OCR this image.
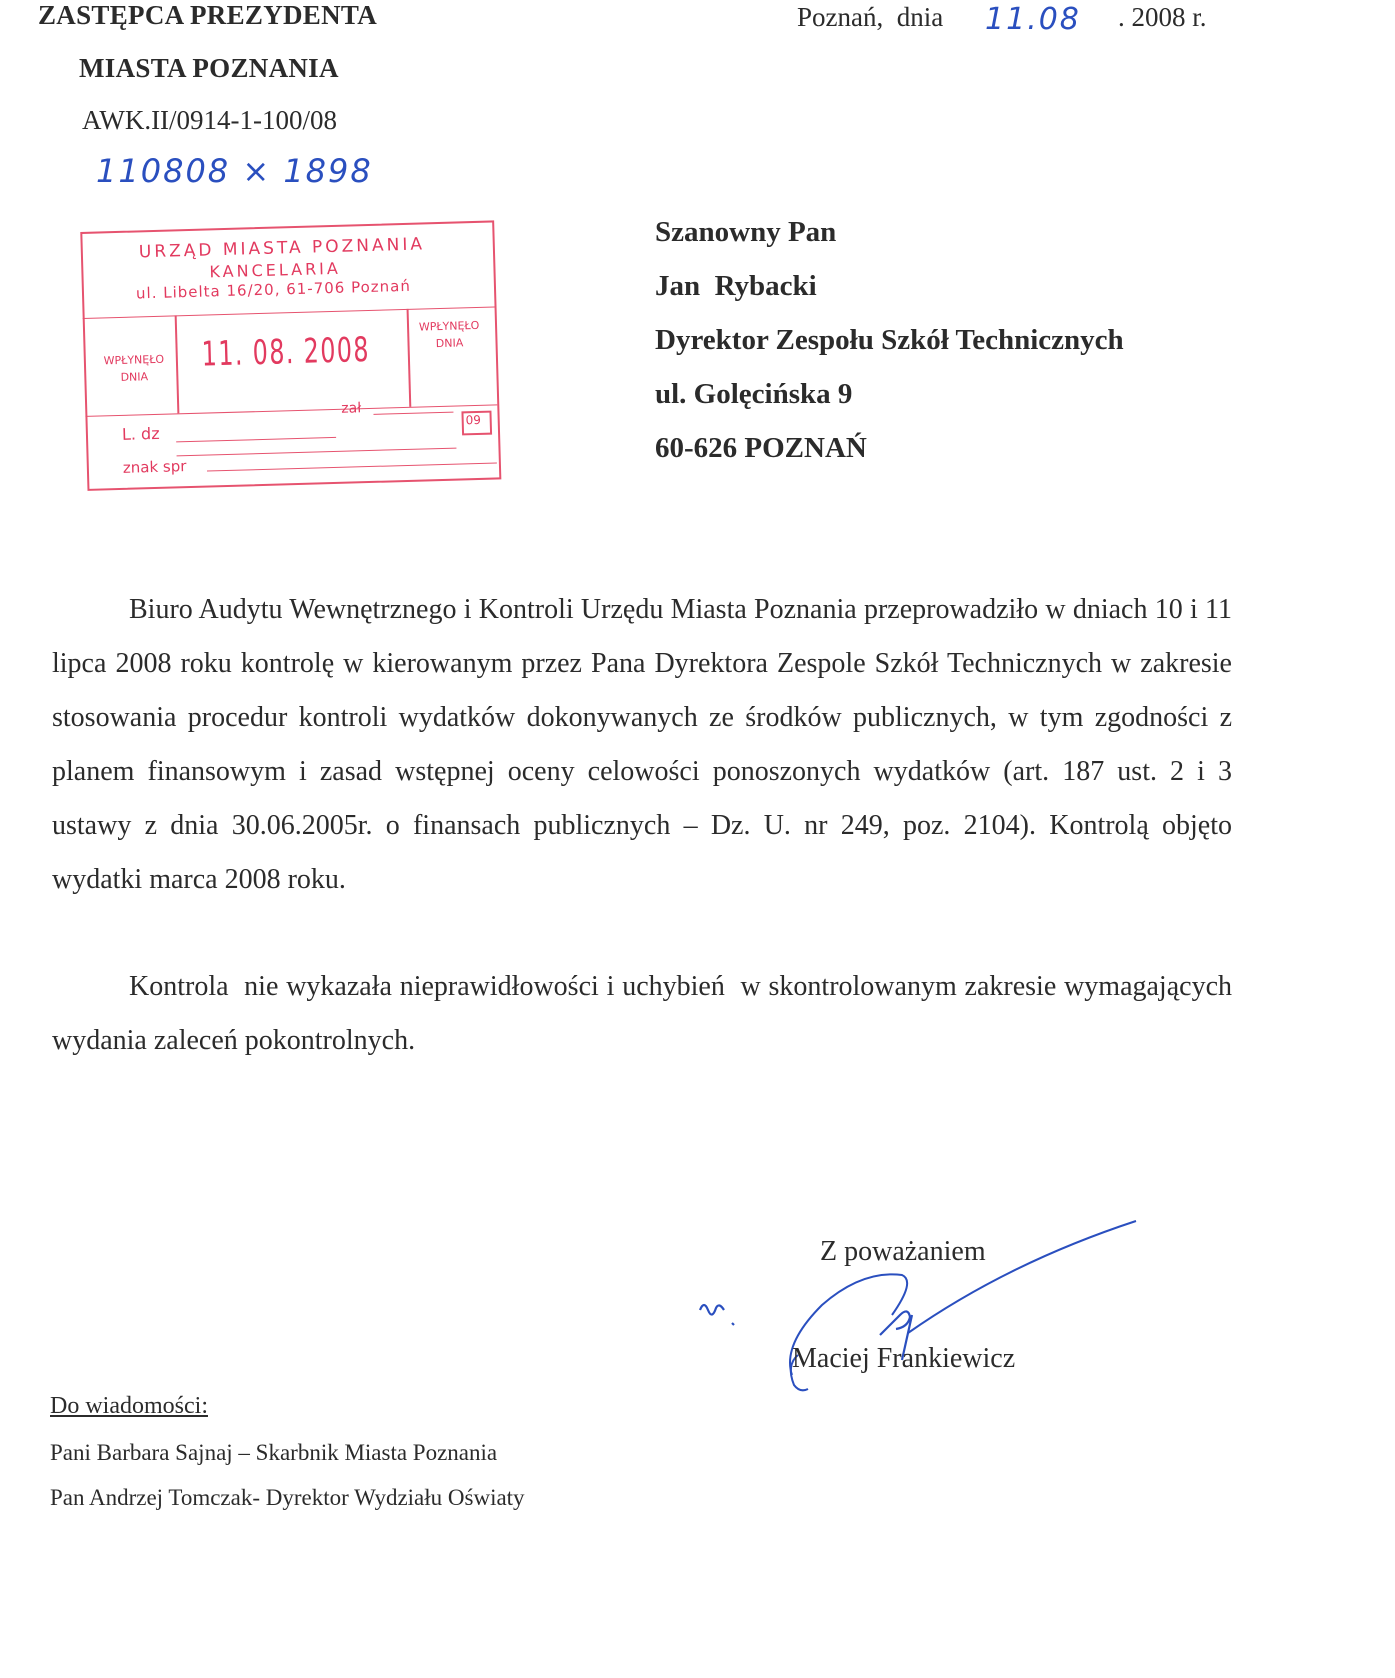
ZASTĘPCA PREZYDENTA
MIASTA POZNANIA
AWK.II/0914-1-100/08
110808 × 1898
Poznań,  dnia 11.08 . 2008 r.
URZĄD MIASTA POZNANIA
KANCELARIA
ul. Libelta 16/20, 61-706 Poznań
WPŁYNĘŁO
DNIA
11. 08. 2008
WPŁYNĘŁO
DNIA
L. dz
zał
09
znak spr
Szanowny Pan
Jan  Rybacki
Dyrektor Zespołu Szkół Technicznych
ul. Golęcińska 9
60-626 POZNAŃ
Biuro Audytu Wewnętrznego i Kontroli Urzędu Miasta Poznania przeprowadziło w dniach 10 i 11 lipca 2008 roku kontrolę w kierowanym przez Pana Dyrektora Zespole Szkół Technicznych w zakresie stosowania procedur kontroli wydatków dokonywanych ze środków publicznych, w tym zgodności z planem finansowym i zasad wstępnej oceny celowości ponoszonych wydatków (art. 187 ust. 2 i 3 ustawy z dnia 30.06.2005r. o finansach publicznych – Dz. U. nr 249, poz. 2104). Kontrolą objęto wydatki marca 2008 roku.
Kontrola  nie wykazała nieprawidłowości i uchybień  w skontrolowanym zakresie wymagających wydania zaleceń pokontrolnych.
Z poważaniem
Maciej Frankiewicz
Do wiadomości:
Pani Barbara Sajnaj – Skarbnik Miasta Poznania
Pan Andrzej Tomczak- Dyrektor Wydziału Oświaty
